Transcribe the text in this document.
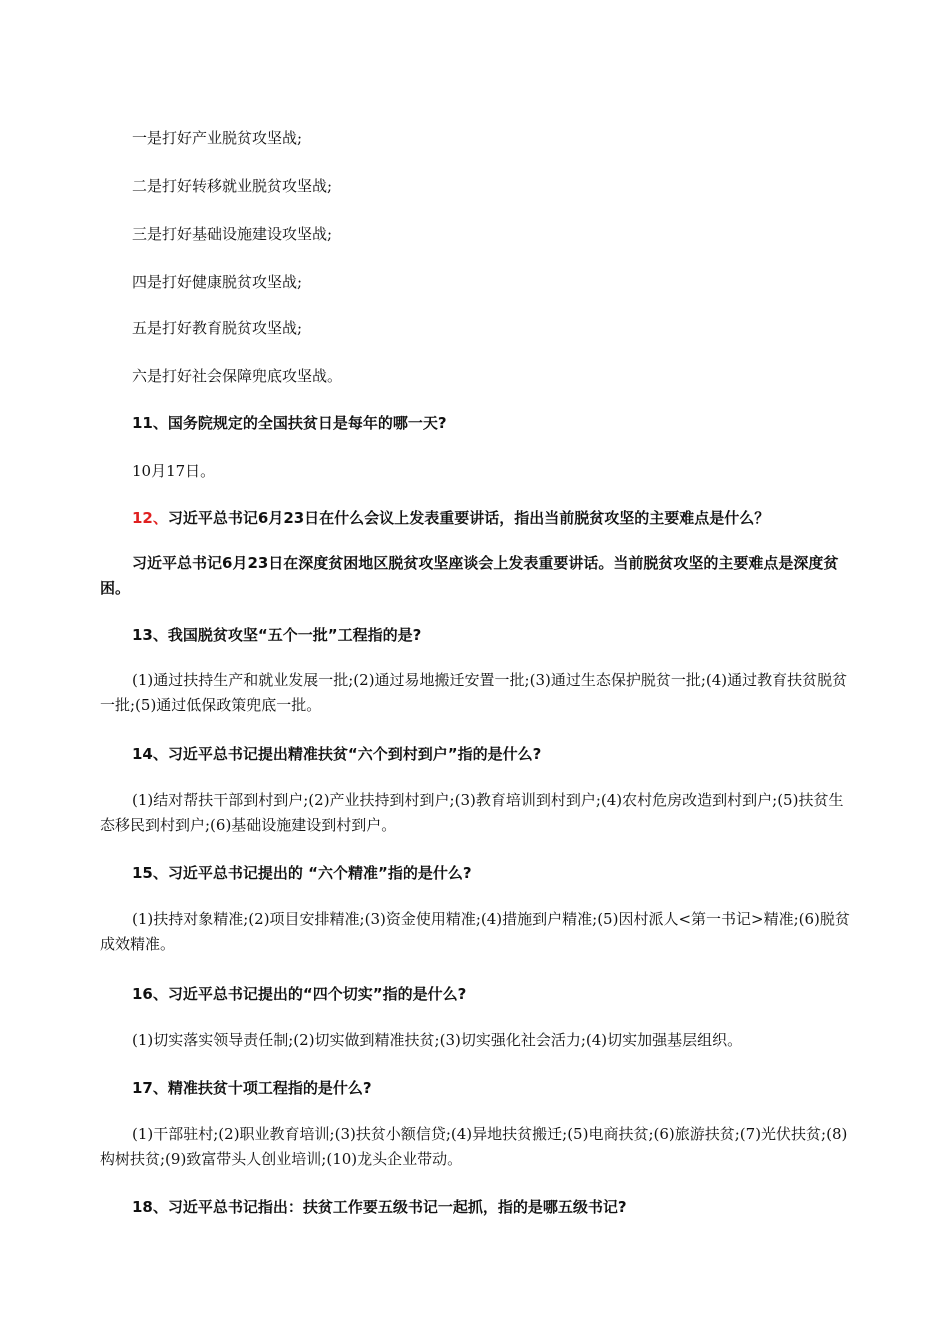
一是打好产业脱贫攻坚战;
二是打好转移就业脱贫攻坚战;
三是打好基础设施建设攻坚战;
四是打好健康脱贫攻坚战;
五是打好教育脱贫攻坚战;
六是打好社会保障兜底攻坚战。
11、国务院规定的全国扶贫日是每年的哪一天?
10月17日。
12、习近平总书记6月23日在什么会议上发表重要讲话，指出当前脱贫攻坚的主要难点是什么？
习近平总书记6月23日在深度贫困地区脱贫攻坚座谈会上发表重要讲话。当前脱贫攻坚的主要难点是深度贫困。
13、我国脱贫攻坚“五个一批”工程指的是?
(1)通过扶持生产和就业发展一批;(2)通过易地搬迁安置一批;(3)通过生态保护脱贫一批;(4)通过教育扶贫脱贫一批;(5)通过低保政策兜底一批。
14、习近平总书记提出精准扶贫“六个到村到户”指的是什么?
(1)结对帮扶干部到村到户;(2)产业扶持到村到户;(3)教育培训到村到户;(4)农村危房改造到村到户;(5)扶贫生态移民到村到户;(6)基础设施建设到村到户。
15、习近平总书记提出的 “六个精准”指的是什么?
(1)扶持对象精准;(2)项目安排精准;(3)资金使用精准;(4)措施到户精准;(5)因村派人<第一书记>精准;(6)脱贫成效精准。
16、习近平总书记提出的“四个切实”指的是什么?
(1)切实落实领导责任制;(2)切实做到精准扶贫;(3)切实强化社会活力;(4)切实加强基层组织。
17、精准扶贫十项工程指的是什么?
(1)干部驻村;(2)职业教育培训;(3)扶贫小额信贷;(4)异地扶贫搬迁;(5)电商扶贫;(6)旅游扶贫;(7)光伏扶贫;(8)构树扶贫;(9)致富带头人创业培训;(10)龙头企业带动。
18、习近平总书记指出：扶贫工作要五级书记一起抓，指的是哪五级书记?
